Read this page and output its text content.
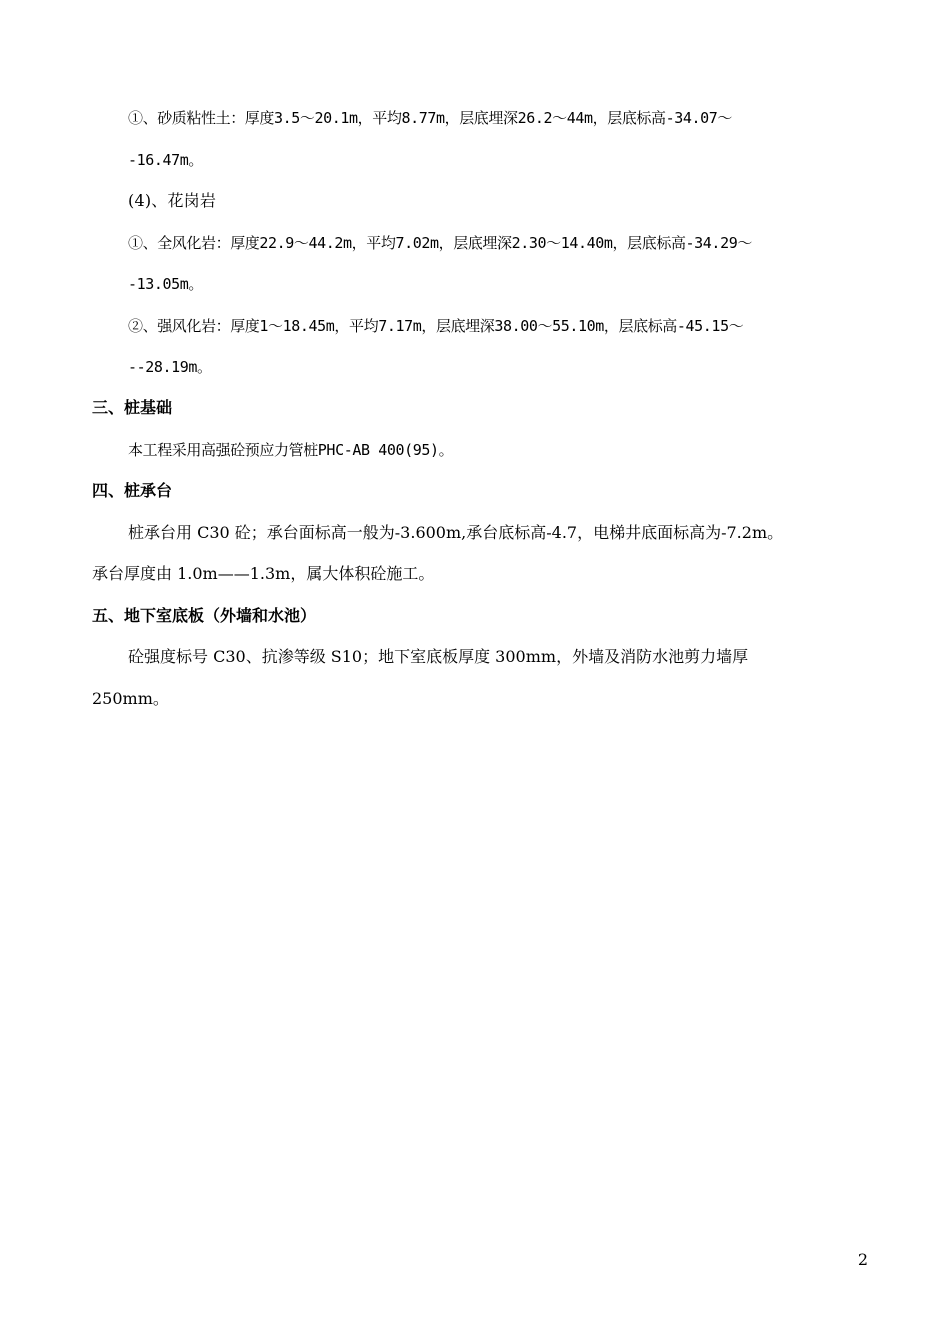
①、砂质粘性土：厚度3.5～20.1m，平均8.77m，层底埋深26.2～44m，层底标高-34.07～
-16.47m。
(4)、花岗岩
①、全风化岩：厚度22.9～44.2m，平均7.02m，层底埋深2.30～14.40m，层底标高-34.29～
-13.05m。
②、强风化岩：厚度1～18.45m，平均7.17m，层底埋深38.00～55.10m，层底标高-45.15～
--28.19m。
三、桩基础
本工程采用高强砼预应力管桩PHC-AB 400(95)。
四、桩承台
桩承台用 C30 砼；承台面标高一般为-3.600m,承台底标高-4.7，电梯井底面标高为-7.2m。
承台厚度由 1.0m——1.3m，属大体积砼施工。
五、地下室底板（外墙和水池）
砼强度标号 C30、抗渗等级 S10；地下室底板厚度 300mm，外墙及消防水池剪力墙厚
250mm。
2
